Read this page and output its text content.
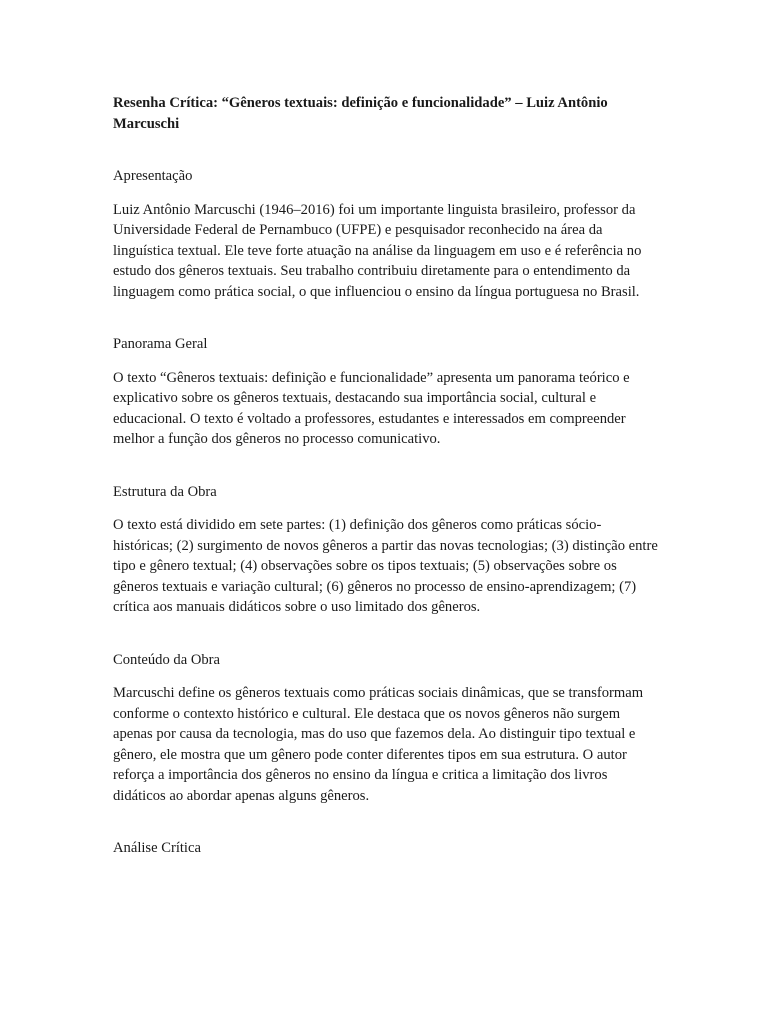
Resenha Crítica: “Gêneros textuais: definição e funcionalidade” – Luiz Antônio Marcuschi
Apresentação

Luiz Antônio Marcuschi (1946–2016) foi um importante linguista brasileiro, professor da Universidade Federal de Pernambuco (UFPE) e pesquisador reconhecido na área da linguística textual. Ele teve forte atuação na análise da linguagem em uso e é referência no estudo dos gêneros textuais. Seu trabalho contribuiu diretamente para o entendimento da linguagem como prática social, o que influenciou o ensino da língua portuguesa no Brasil.

Panorama Geral

O texto “Gêneros textuais: definição e funcionalidade” apresenta um panorama teórico e explicativo sobre os gêneros textuais, destacando sua importância social, cultural e educacional. O texto é voltado a professores, estudantes e interessados em compreender melhor a função dos gêneros no processo comunicativo.

Estrutura da Obra

O texto está dividido em sete partes: (1) definição dos gêneros como práticas sócio-históricas; (2) surgimento de novos gêneros a partir das novas tecnologias; (3) distinção entre tipo e gênero textual; (4) observações sobre os tipos textuais; (5) observações sobre os gêneros textuais e variação cultural; (6) gêneros no processo de ensino-aprendizagem; (7) crítica aos manuais didáticos sobre o uso limitado dos gêneros.

Conteúdo da Obra

Marcuschi define os gêneros textuais como práticas sociais dinâmicas, que se transformam conforme o contexto histórico e cultural. Ele destaca que os novos gêneros não surgem apenas por causa da tecnologia, mas do uso que fazemos dela. Ao distinguir tipo textual e gênero, ele mostra que um gênero pode conter diferentes tipos em sua estrutura. O autor reforça a importância dos gêneros no ensino da língua e critica a limitação dos livros didáticos ao abordar apenas alguns gêneros.

Análise Crítica
